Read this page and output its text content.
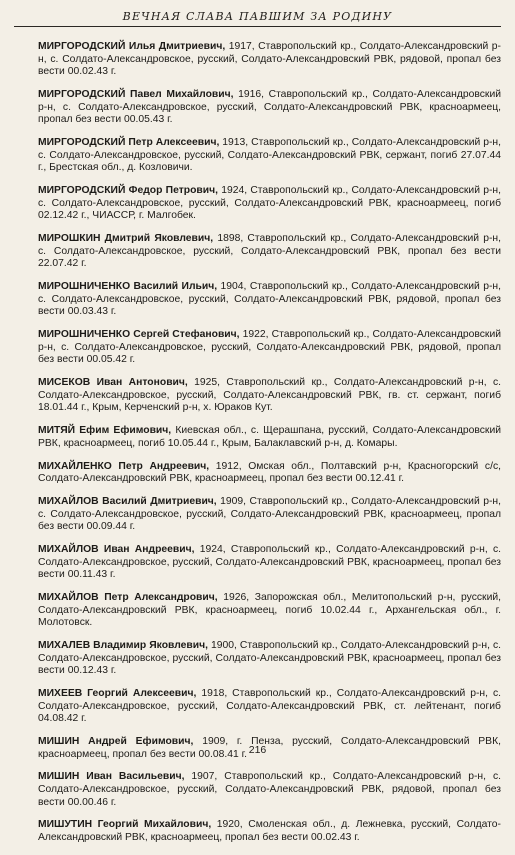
ВЕЧНАЯ СЛАВА ПАВШИМ ЗА РОДИНУ

МИРГОРОДСКИЙ Илья Дмитриевич, 1917, Ставропольский кр., Солдато-Александровский р-н, с. Солдато-Александровское, русский, Солдато-Александровский РВК, рядовой, пропал без вести 00.02.43 г.

МИРГОРОДСКИЙ Павел Михайлович, 1916, Ставропольский кр., Солдато-Александровский р-н, с. Солдато-Александровское, русский, Солдато-Александровский РВК, красноармеец, пропал без вести 00.05.43 г.

МИРГОРОДСКИЙ Петр Алексеевич, 1913, Ставропольский кр., Солдато-Александровский р-н, с. Солдато-Александровское, русский, Солдато-Александровский РВК, сержант, погиб 27.07.44 г., Брестская обл., д. Козловичи.

МИРГОРОДСКИЙ Федор Петрович, 1924, Ставропольский кр., Солдато-Александровский р-н, с. Солдато-Александровское, русский, Солдато-Александровский РВК, красноармеец, погиб 02.12.42 г., ЧИАССР, г. Малгобек.

МИРОШКИН Дмитрий Яковлевич, 1898, Ставропольский кр., Солдато-Александровский р-н, с. Солдато-Александровское, русский, Солдато-Александровский РВК, пропал без вести 22.07.42 г.

МИРОШНИЧЕНКО Василий Ильич, 1904, Ставропольский кр., Солдато-Александровский р-н, с. Солдато-Александровское, русский, Солдато-Александровский РВК, рядовой, пропал без вести 00.03.43 г.

МИРОШНИЧЕНКО Сергей Стефанович, 1922, Ставропольский кр., Солдато-Александровский р-н, с. Солдато-Александровское, русский, Солдато-Александровский РВК, рядовой, пропал без вести 00.05.42 г.

МИСЕКОВ Иван Антонович, 1925, Ставропольский кр., Солдато-Александровский р-н, с. Солдато-Александровское, русский, Солдато-Александровский РВК, гв. ст. сержант, погиб 18.01.44 г., Крым, Керченский р-н, х. Юраков Кут.

МИТЯЙ Ефим Ефимович, Киевская обл., с. Щерашпана, русский, Солдато-Александровский РВК, красноармеец, погиб 10.05.44 г., Крым, Балаклавский р-н, д. Комары.

МИХАЙЛЕНКО Петр Андреевич, 1912, Омская обл., Полтавский р-н, Красногорский с/с, Солдато-Александровский РВК, красноармеец, пропал без вести 00.12.41 г.

МИХАЙЛОВ Василий Дмитриевич, 1909, Ставропольский кр., Солдато-Александровский р-н, с. Солдато-Александровское, русский, Солдато-Александровский РВК, красноармеец, пропал без вести 00.09.44 г.

МИХАЙЛОВ Иван Андреевич, 1924, Ставропольский кр., Солдато-Александровский р-н, с. Солдато-Александровское, русский, Солдато-Александровский РВК, красноармеец, пропал без вести 00.11.43 г.

МИХАЙЛОВ Петр Александрович, 1926, Запорожская обл., Мелитопольский р-н, русский, Солдато-Александровский РВК, красноармеец, погиб 10.02.44 г., Архангельская обл., г. Молотовск.

МИХАЛЕВ Владимир Яковлевич, 1900, Ставропольский кр., Солдато-Александровский р-н, с. Солдато-Александровское, русский, Солдато-Александровский РВК, красноармеец, пропал без вести 00.12.43 г.

МИХЕЕВ Георгий Алексеевич, 1918, Ставропольский кр., Солдато-Александровский р-н, с. Солдато-Александровское, русский, Солдато-Александровский РВК, ст. лейтенант, погиб 04.08.42 г.

МИШИН Андрей Ефимович, 1909, г. Пенза, русский, Солдато-Александровский РВК, красноармеец, пропал без вести 00.08.41 г.

МИШИН Иван Васильевич, 1907, Ставропольский кр., Солдато-Александровский р-н, с. Солдато-Александровское, русский, Солдато-Александровский РВК, рядовой, пропал без вести 00.00.46 г.

МИШУТИН Георгий Михайлович, 1920, Смоленская обл., д. Лежневка, русский, Солдато-Александровский РВК, красноармеец, пропал без вести 00.02.43 г.

216
